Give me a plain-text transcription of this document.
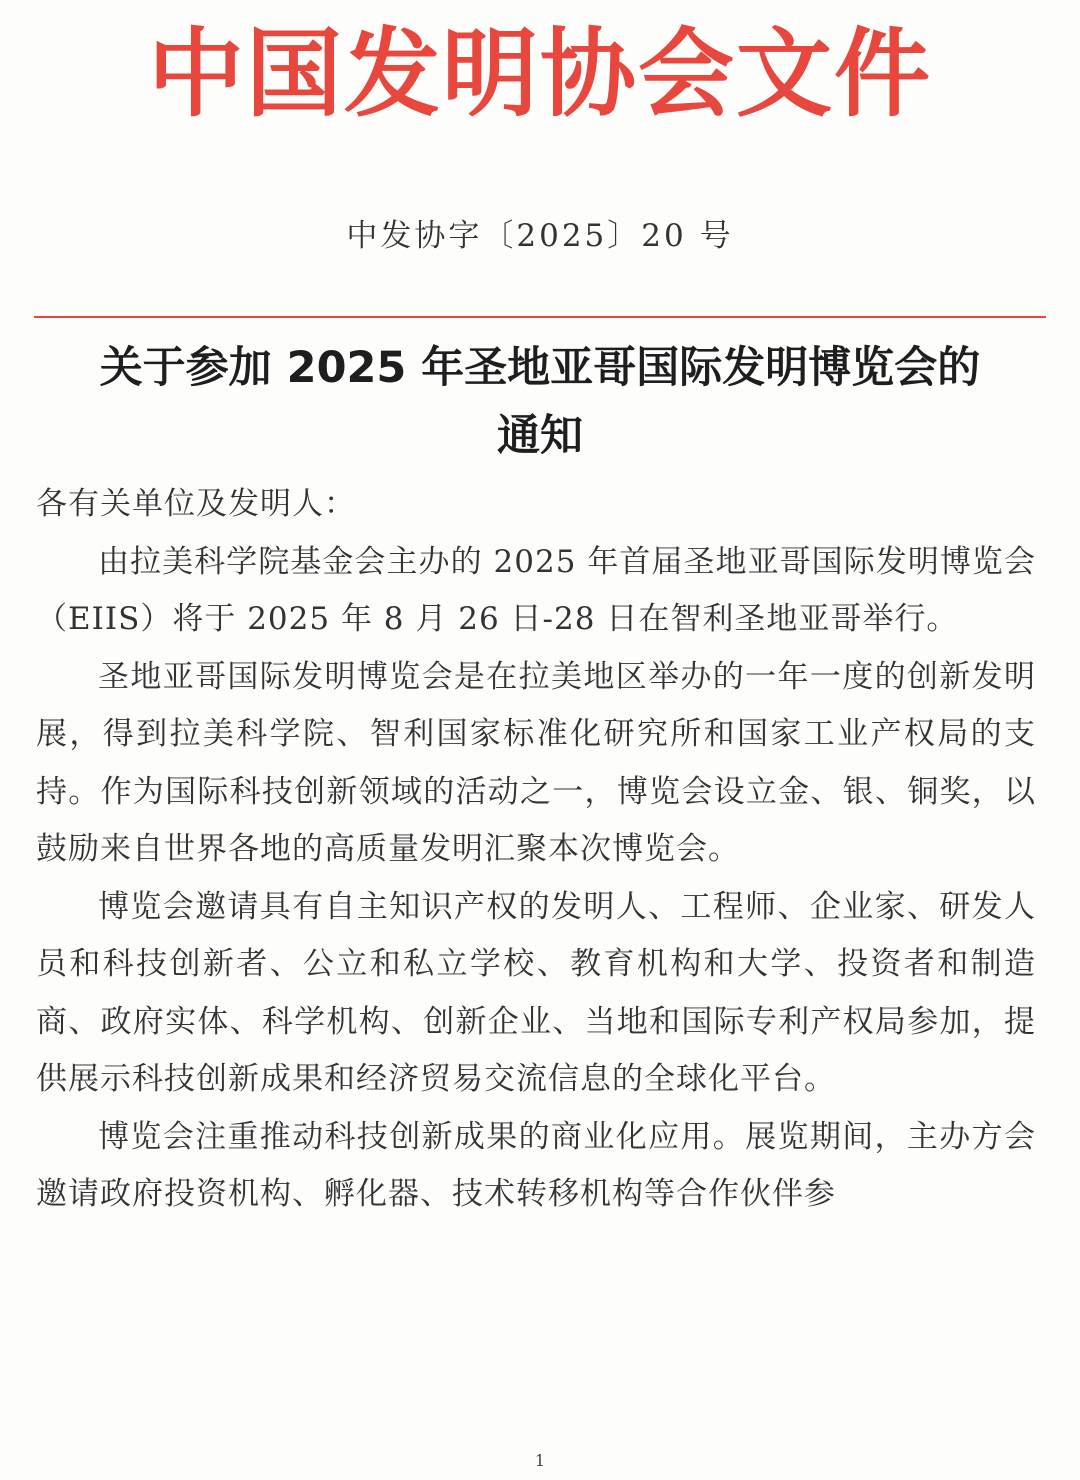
中国发明协会文件
中发协字〔2025〕20 号
关于参加 2025 年圣地亚哥国际发明博览会的
通知

各有关单位及发明人：

由拉美科学院基金会主办的 2025 年首届圣地亚哥国际发明博览会（EIIS）将于 2025 年 8 月 26 日-28 日在智利圣地亚哥举行。

圣地亚哥国际发明博览会是在拉美地区举办的一年一度的创新发明展，得到拉美科学院、智利国家标准化研究所和国家工业产权局的支持。作为国际科技创新领域的活动之一，博览会设立金、银、铜奖，以鼓励来自世界各地的高质量发明汇聚本次博览会。

博览会邀请具有自主知识产权的发明人、工程师、企业家、研发人员和科技创新者、公立和私立学校、教育机构和大学、投资者和制造商、政府实体、科学机构、创新企业、当地和国际专利产权局参加，提供展示科技创新成果和经济贸易交流信息的全球化平台。

博览会注重推动科技创新成果的商业化应用。展览期间，主办方会邀请政府投资机构、孵化器、技术转移机构等合作伙伴参

1
